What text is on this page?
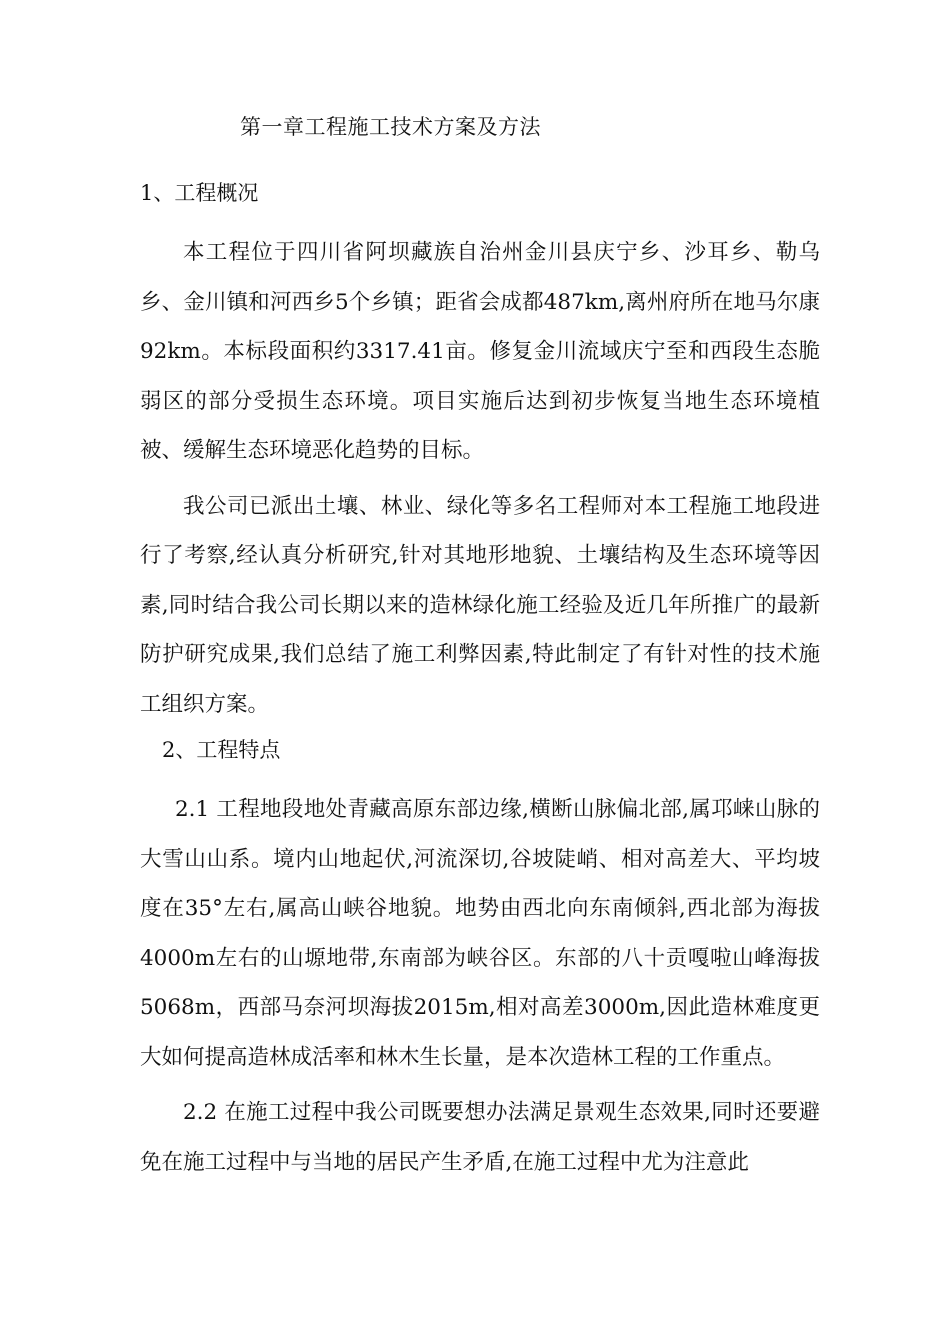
第一章工程施工技术方案及方法
1、工程概况

本工程位于四川省阿坝藏族自治州金川县庆宁乡、沙耳乡、勒乌乡、金川镇和河西乡5个乡镇；距省会成都487km,离州府所在地马尔康92km。本标段面积约3317.41亩。修复金川流域庆宁至和西段生态脆弱区的部分受损生态环境。项目实施后达到初步恢复当地生态环境植被、缓解生态环境恶化趋势的目标。

我公司已派出土壤、林业、绿化等多名工程师对本工程施工地段进行了考察,经认真分析研究,针对其地形地貌、土壤结构及生态环境等因素,同时结合我公司长期以来的造林绿化施工经验及近几年所推广的最新防护研究成果,我们总结了施工利弊因素,特此制定了有针对性的技术施工组织方案。

2、工程特点

2.1 工程地段地处青藏高原东部边缘,横断山脉偏北部,属邛崃山脉的大雪山山系。境内山地起伏,河流深切,谷坡陡峭、相对高差大、平均坡度在35°左右,属高山峡谷地貌。地势由西北向东南倾斜,西北部为海拔4000m左右的山塬地带,东南部为峡谷区。东部的八十贡嘎啦山峰海拔5068m，西部马奈河坝海拔2015m,相对高差3000m,因此造林难度更大如何提高造林成活率和林木生长量，是本次造林工程的工作重点。

2.2 在施工过程中我公司既要想办法满足景观生态效果,同时还要避免在施工过程中与当地的居民产生矛盾,在施工过程中尤为注意此
